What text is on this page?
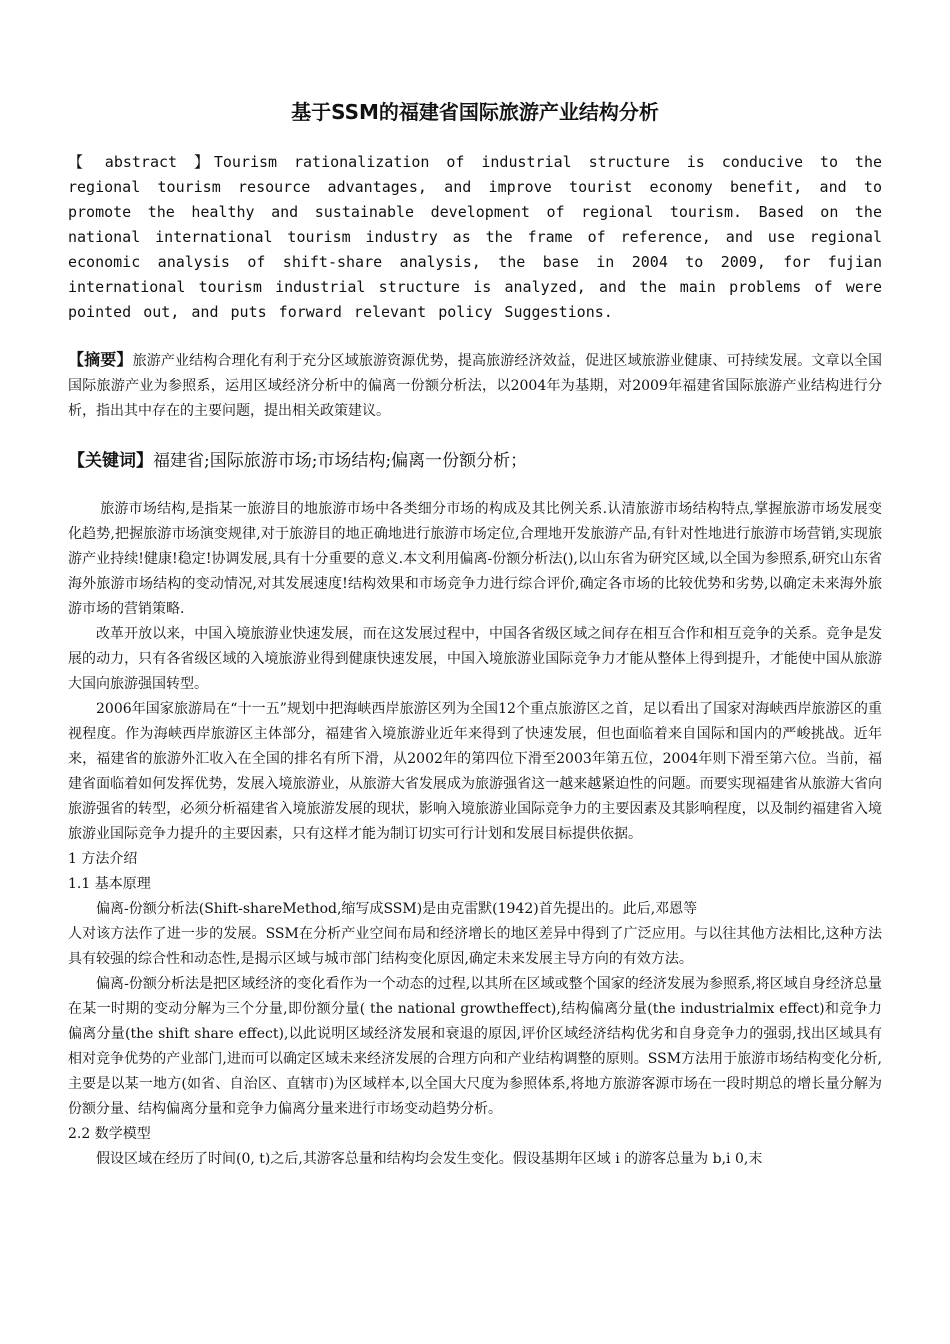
基于SSM的福建省国际旅游产业结构分析
【 abstract 】Tourism rationalization of industrial structure is conducive to the regional tourism resource advantages, and improve tourist economy benefit, and to promote the healthy and sustainable development of regional tourism. Based on the national international tourism industry as the frame of reference, and use regional economic analysis of shift-share analysis, the base in 2004 to 2009, for fujian international tourism industrial structure is analyzed, and the main problems of were pointed out, and puts forward relevant policy Suggestions.
【摘要】旅游产业结构合理化有利于充分区域旅游资源优势，提高旅游经济效益，促进区域旅游业健康、可持续发展。文章以全国国际旅游产业为参照系，运用区域经济分析中的偏离一份额分析法，以2004年为基期，对2009年福建省国际旅游产业结构进行分析，指出其中存在的主要问题，提出相关政策建议。
【关键词】福建省;国际旅游市场;市场结构;偏离一份额分析；

旅游市场结构,是指某一旅游目的地旅游市场中各类细分市场的构成及其比例关系.认清旅游市场结构特点,掌握旅游市场发展变化趋势,把握旅游市场演变规律,对于旅游目的地正确地进行旅游市场定位,合理地开发旅游产品,有针对性地进行旅游市场营销,实现旅游产业持续!健康!稳定!协调发展,具有十分重要的意义.本文利用偏离-份额分析法(),以山东省为研究区域,以全国为参照系,研究山东省海外旅游市场结构的变动情况,对其发展速度!结构效果和市场竞争力进行综合评价,确定各市场的比较优势和劣势,以确定未来海外旅游市场的营销策略.

改革开放以来，中国入境旅游业快速发展，而在这发展过程中，中国各省级区域之间存在相互合作和相互竞争的关系。竞争是发展的动力，只有各省级区域的入境旅游业得到健康快速发展，中国入境旅游业国际竞争力才能从整体上得到提升，才能使中国从旅游大国向旅游强国转型。

2006年国家旅游局在“十一五”规划中把海峡西岸旅游区列为全国12个重点旅游区之首，足以看出了国家对海峡西岸旅游区的重视程度。作为海峡西岸旅游区主体部分，福建省入境旅游业近年来得到了快速发展，但也面临着来自国际和国内的严峻挑战。近年来，福建省的旅游外汇收入在全国的排名有所下滑，从2002年的第四位下滑至2003年第五位，2004年则下滑至第六位。当前，福建省面临着如何发挥优势，发展入境旅游业，从旅游大省发展成为旅游强省这一越来越紧迫性的问题。而要实现福建省从旅游大省向旅游强省的转型，必须分析福建省入境旅游发展的现状，影响入境旅游业国际竞争力的主要因素及其影响程度，以及制约福建省入境旅游业国际竞争力提升的主要因素，只有这样才能为制订切实可行计划和发展目标提供依据。

1 方法介绍

1.1 基本原理

偏离-份额分析法(Shift-shareMethod,缩写成SSM)是由克雷默(1942)首先提出的。此后,邓恩等

人对该方法作了进一步的发展。SSM在分析产业空间布局和经济增长的地区差异中得到了广泛应用。与以往其他方法相比,这种方法具有较强的综合性和动态性,是揭示区域与城市部门结构变化原因,确定未来发展主导方向的有效方法。

偏离-份额分析法是把区域经济的变化看作为一个动态的过程,以其所在区域或整个国家的经济发展为参照系,将区域自身经济总量在某一时期的变动分解为三个分量,即份额分量( the national growtheffect),结构偏离分量(the industrialmix effect)和竞争力偏离分量(the shift share effect),以此说明区域经济发展和衰退的原因,评价区域经济结构优劣和自身竞争力的强弱,找出区域具有相对竞争优势的产业部门,进而可以确定区域未来经济发展的合理方向和产业结构调整的原则。SSM方法用于旅游市场结构变化分析,主要是以某一地方(如省、自治区、直辖市)为区域样本,以全国大尺度为参照体系,将地方旅游客源市场在一段时期总的增长量分解为份额分量、结构偏离分量和竞争力偏离分量来进行市场变动趋势分析。

2.2 数学模型

假设区域在经历了时间(0, t)之后,其游客总量和结构均会发生变化。假设基期年区域 i 的游客总量为 b,i 0,末
